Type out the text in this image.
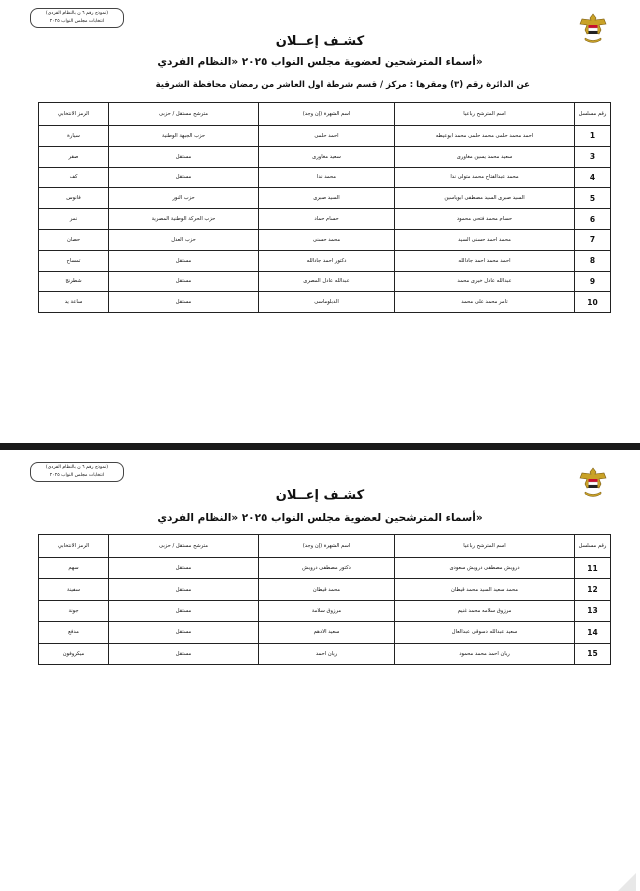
(نموذج رقم ٦ ن بالنظام الفردي)
انتخابات مجلس النواب ٢٠٢٥
كشـف إعــلان
أسماء المترشحين لعضوية مجلس النواب ٢٠٢٥ «النظام الفردي»
عن الدائرة رقم (٣) ومقرها : مركز / قسم شرطة اول العاشر من رمضان محافظة الشرقية
رقم مسلسل	اسم المترشح رباعيا	اسم الشهرة (إن وجد)	مترشح مستقل / حزبى	الرمز الانتخابي
1	احمد محمد حلمى محمد حلمى محمد ابوعيطه	احمد حلمى	حزب الجبهة الوطنية	سيارة
3	سعيد محمد يسين مغاورى	سعيد مغاورى	مستقل	صقر
4	محمد عبدالفتاح محمد متولى ندا	محمد ندا	مستقل	كف
5	السيد صبرى السيد مصطفى ابوياسين	السيد صبرى	حزب النور	فانوس
6	حسام محمد فتحى محمود	حسام حماد	حزب الحركة الوطنية المصرية	نمر
7	محمد احمد حسنى السيد	محمد حسنى	حزب العدل	حصان
8	احمد محمد احمد جادالله	دكتور احمد جادالله	مستقل	تمساح
9	عبدالله عادل خيرى محمد	عبدالله عادل المصرى	مستقل	شطرنج
10	تامر محمد على محمد	الدبلوماسى	مستقل	ساعة يد
(نموذج رقم ٦ ن بالنظام الفردي)
انتخابات مجلس النواب ٢٠٢٥
كشـف إعــلان
أسماء المترشحين لعضوية مجلس النواب ٢٠٢٥ «النظام الفردي»
رقم مسلسل	اسم المترشح رباعيا	اسم الشهرة (إن وجد)	مترشح مستقل / حزبى	الرمز الانتخابي
11	درويش مصطفى درويش سعودى	دكتور مصطفى درويش	مستقل	سهم
12	محمد سعيد السيد محمد قيطان	محمد قيطان	مستقل	سفينة
13	مرزوق سلامه محمد غنيم	مرزوق سلامة	مستقل	جونة
14	سعيد عبدالله دسوقى عبدالعال	سعيد الادهم	مستقل	مدفع
15	ريان احمد محمد محمود	ريان احمد	مستقل	ميكروفون
